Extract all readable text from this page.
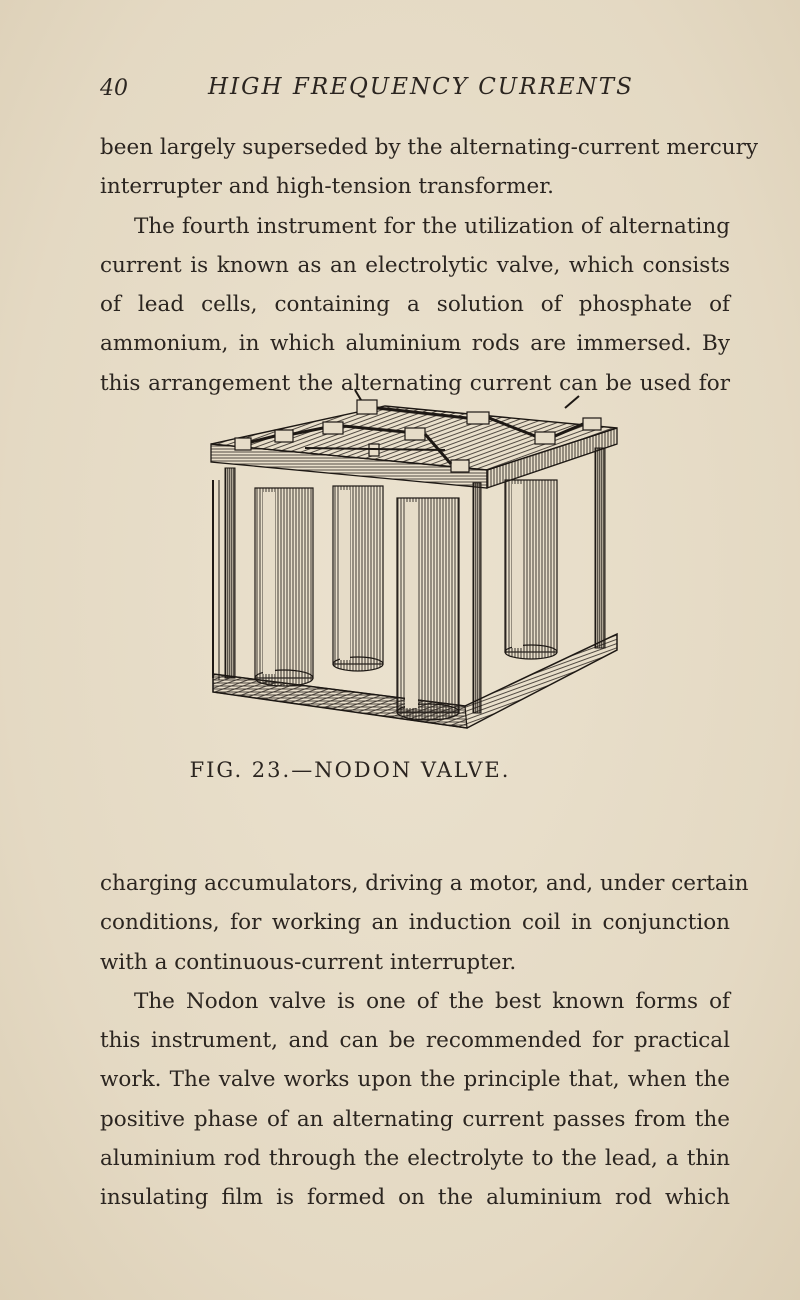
40	HIGH FREQUENCY CURRENTS
been largely superseded by the alternating-current mercury
interrupter and high-tension transformer.
The fourth instrument for the utilization of alternating
current is known as an electrolytic valve, which consists
of lead cells, containing a solution of phosphate of
ammonium, in which aluminium rods are immersed. By
this arrangement the alternating current can be used for
FIG. 23.—NODON VALVE.
charging accumulators, driving a motor, and, under certain
conditions, for working an induction coil in conjunction
with a continuous-current interrupter.
The Nodon valve is one of the best known forms of
this instrument, and can be recommended for practical
work. The valve works upon the principle that, when the
positive phase of an alternating current passes from the
aluminium rod through the electrolyte to the lead, a thin
insulating film is formed on the aluminium rod which
